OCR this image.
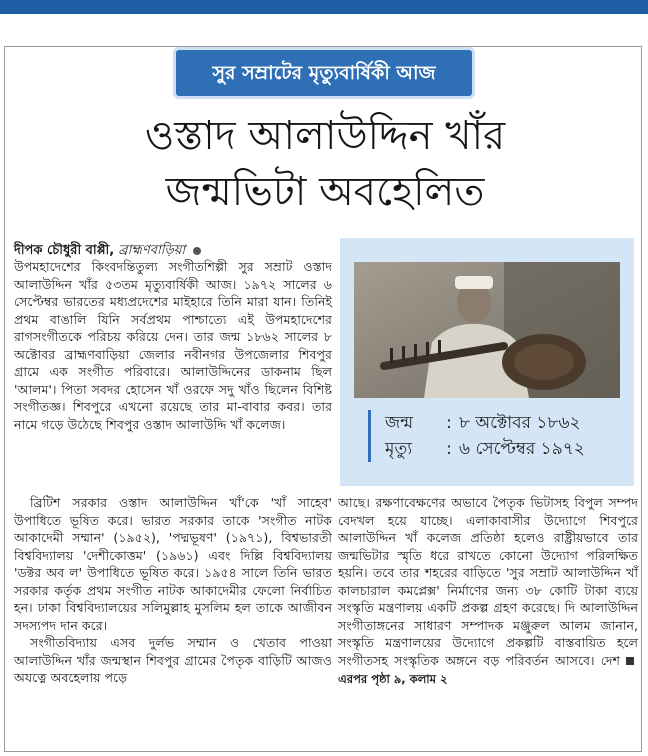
সুর সম্রাটের মৃত্যুবার্ষিকী আজ
ওস্তাদ আলাউদ্দিন খাঁর
জন্মভিটা অবহেলিত
দীপক চৌধুরী বাপ্পী, ব্রাহ্মণবাড়িয়া

উপমহাদেশের কিংবদন্তিতুল্য সংগীতশিল্পী সুর সম্রাট ওস্তাদ আলাউদ্দিন খাঁর ৫৩তম মৃত্যুবার্ষিকী আজ। ১৯৭২ সালের ৬ সেপ্টেম্বর ভারতের মধ্যপ্রদেশের মাইহারে তিনি মারা যান। তিনিই প্রথম বাঙালি যিনি সর্বপ্রথম পাশ্চাত্যে এই উপমহাদেশের রাগসংগীতকে পরিচয় করিয়ে দেন। তার জন্ম ১৮৬২ সালের ৮ অক্টোবর ব্রাহ্মণবাড়িয়া জেলার নবীনগর উপজেলার শিবপুর গ্রামে এক সংগীত পরিবারে। আলাউদ্দিনের ডাকনাম ছিল 'আলম'। পিতা সবদর হোসেন খাঁ ওরফে সদু খাঁও ছিলেন বিশিষ্ট সংগীতজ্ঞ। শিবপুরে এখনো রয়েছে তার মা-বাবার কবর। তার নামে গড়ে উঠেছে শিবপুর ওস্তাদ আলাউদ্দি খাঁ কলেজ।

ব্রিটিশ সরকার ওস্তাদ আলাউদ্দিন খাঁ'কে 'খাঁ সাহেব' উপাধিতে ভূষিত করে। ভারত সরকার তাকে 'সংগীত নাটক আকাদেমী সম্মান' (১৯৫২), 'পদ্মভূষণ' (১৯৭১), বিশ্বভারতী বিশ্ববিদ্যালয় 'দেশীকোত্তম' (১৯৬১) এবং দিল্লি বিশ্ববিদ্যালয় 'ডক্টর অব ল' উপাধিতে ভূষিত করে। ১৯৫৪ সালে তিনি ভারত সরকার কর্তৃক প্রথম সংগীত নাটক আকাদেমীর ফেলো নির্বাচিত হন। ঢাকা বিশ্ববিদ্যালয়ের সলিমুল্লাহ মুসলিম হল তাকে আজীবন সদস্যপদ দান করে।

সংগীতবিদ্যায় এসব দুর্লভ সম্মান ও খেতাব পাওয়া আলাউদ্দিন খাঁর জন্মস্থান শিবপুর গ্রামের পৈতৃক বাড়িটি আজও অযত্নে অবহেলায় পড়ে

জন্ম : ৮ অক্টোবর ১৮৬২
মৃত্যু : ৬ সেপ্টেম্বর ১৯৭২

আছে। রক্ষণাবেক্ষণের অভাবে পৈতৃক ভিটাসহ বিপুল সম্পদ বেদখল হয়ে যাচ্ছে। এলাকাবাসীর উদ্যোগে শিবপুরে আলাউদ্দিন খাঁ কলেজ প্রতিষ্ঠা হলেও রাষ্ট্রীয়ভাবে তার জন্মভিটার স্মৃতি ধরে রাখতে কোনো উদ্যোগ পরিলক্ষিত হয়নি। তবে তার শহরের বাড়িতে 'সুর সম্রাট আলাউদ্দিন খাঁ কালচারাল কমপ্লেক্স' নির্মাণের জন্য ৩৮ কোটি টাকা ব্যয়ে সংস্কৃতি মন্ত্রণালয় একটি প্রকল্প গ্রহণ করেছে। দি আলাউদ্দিন সংগীতাঙ্গনের সাধারণ সম্পাদক মঞ্জুরুল আলম জানান, সংস্কৃতি মন্ত্রণালয়ের উদ্যোগে প্রকল্পটি বাস্তবায়িত হলে সংগীতসহ সংস্কৃতিক অঙ্গনে বড় পরিবর্তন আসবে। দেশএরপর পৃষ্ঠা ৯, কলাম ২
